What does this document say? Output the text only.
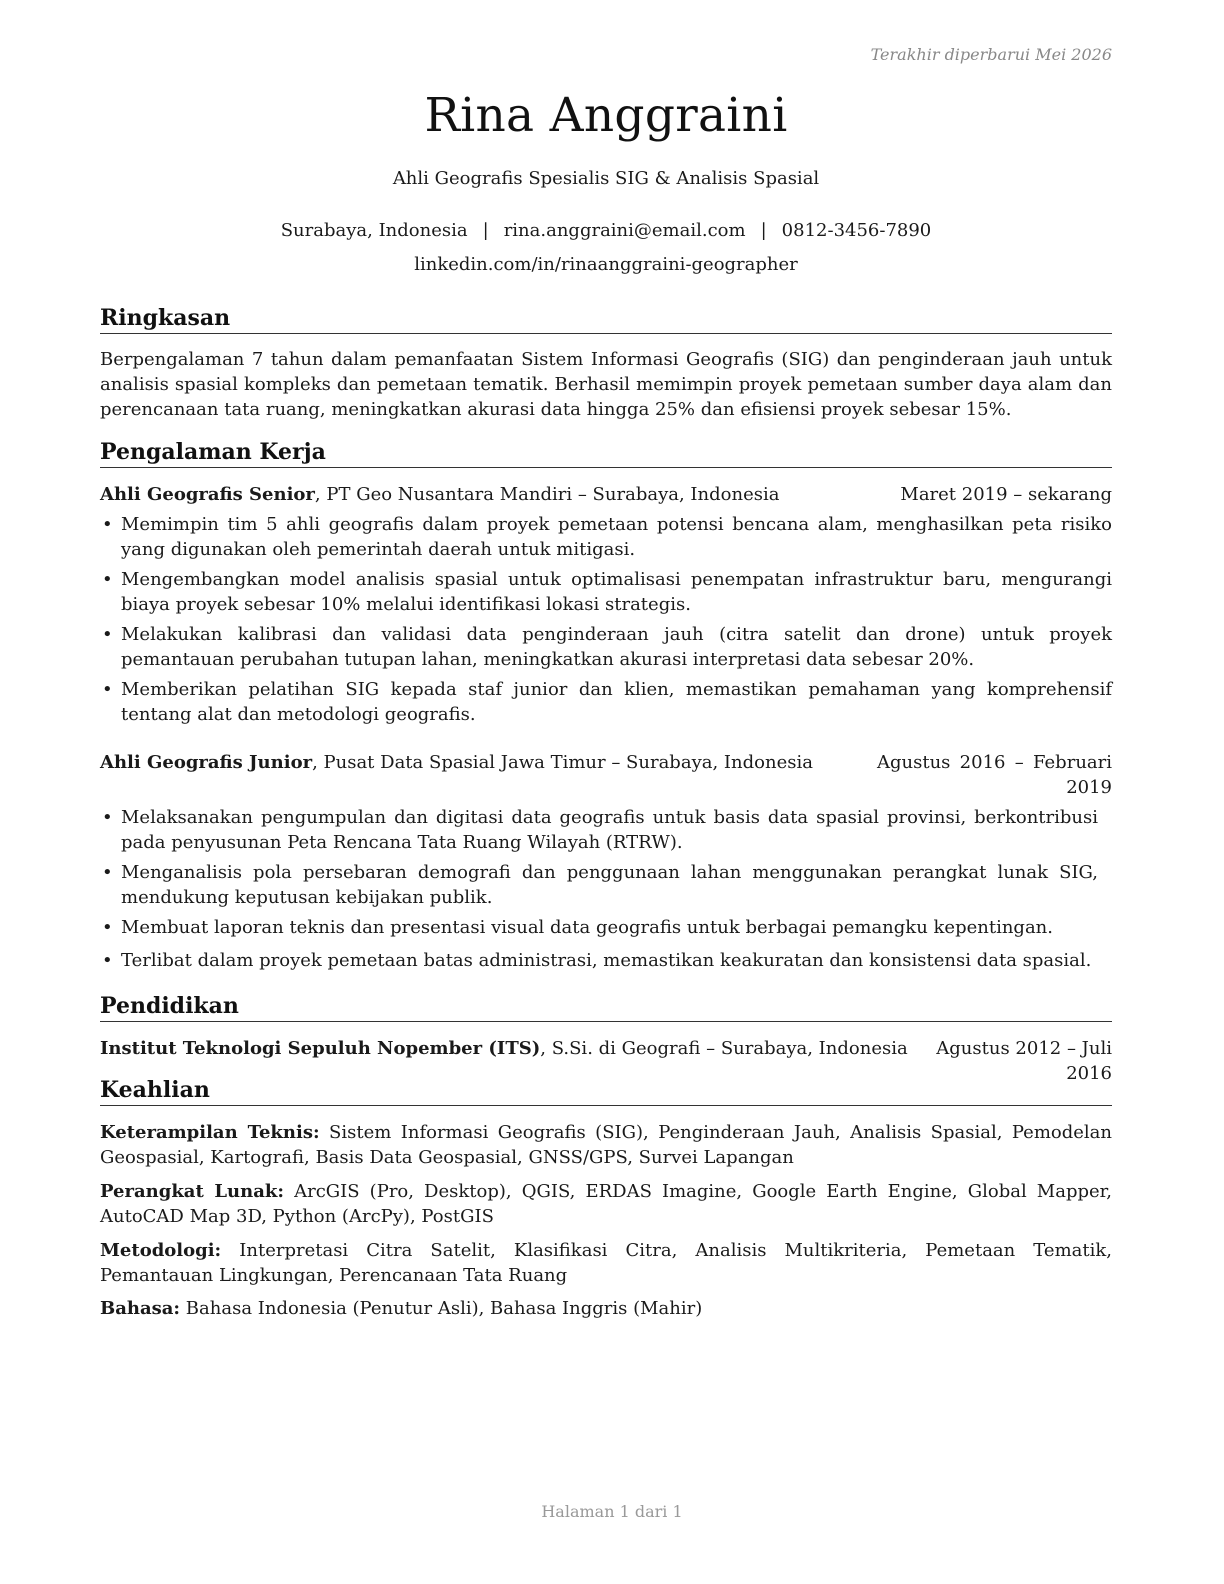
Terakhir diperbarui Mei 2026
Rina Anggraini
Ahli Geografis Spesialis SIG & Analisis Spasial
Surabaya, Indonesia | rina.anggraini@email.com | 0812-3456-7890
linkedin.com/in/rinaanggraini-geographer
Ringkasan
Berpengalaman 7 tahun dalam pemanfaatan Sistem Informasi Geografis (SIG) dan penginderaan jauh untuk analisis spasial kompleks dan pemetaan tematik. Berhasil memimpin proyek pemetaan sumber daya alam dan perencanaan tata ruang, meningkatkan akurasi data hingga 25% dan efisiensi proyek sebesar 15%.
Pengalaman Kerja
Ahli Geografis Senior, PT Geo Nusantara Mandiri – Surabaya, Indonesia	Maret 2019 – sekarang
• Memimpin tim 5 ahli geografis dalam proyek pemetaan potensi bencana alam, menghasilkan peta risiko yang digunakan oleh pemerintah daerah untuk mitigasi.
• Mengembangkan model analisis spasial untuk optimalisasi penempatan infrastruktur baru, mengurangi biaya proyek sebesar 10% melalui identifikasi lokasi strategis.
• Melakukan kalibrasi dan validasi data penginderaan jauh (citra satelit dan drone) untuk proyek pemantauan perubahan tutupan lahan, meningkatkan akurasi interpretasi data sebesar 20%.
• Memberikan pelatihan SIG kepada staf junior dan klien, memastikan pemahaman yang komprehensif tentang alat dan metodologi geografis.
Ahli Geografis Junior, Pusat Data Spasial Jawa Timur – Surabaya, Indonesia	Agustus 2016 – Februari 2019
• Melaksanakan pengumpulan dan digitasi data geografis untuk basis data spasial provinsi, berkontribusi pada penyusunan Peta Rencana Tata Ruang Wilayah (RTRW).
• Menganalisis pola persebaran demografi dan penggunaan lahan menggunakan perangkat lunak SIG, mendukung keputusan kebijakan publik.
• Membuat laporan teknis dan presentasi visual data geografis untuk berbagai pemangku kepentingan.
• Terlibat dalam proyek pemetaan batas administrasi, memastikan keakuratan dan konsistensi data spasial.
Pendidikan
Institut Teknologi Sepuluh Nopember (ITS), S.Si. di Geografi – Surabaya, Indonesia	Agustus 2012 – Juli 2016
Keahlian
Keterampilan Teknis: Sistem Informasi Geografis (SIG), Penginderaan Jauh, Analisis Spasial, Pemodelan Geospasial, Kartografi, Basis Data Geospasial, GNSS/GPS, Survei Lapangan
Perangkat Lunak: ArcGIS (Pro, Desktop), QGIS, ERDAS Imagine, Google Earth Engine, Global Mapper, AutoCAD Map 3D, Python (ArcPy), PostGIS
Metodologi: Interpretasi Citra Satelit, Klasifikasi Citra, Analisis Multikriteria, Pemetaan Tematik, Pemantauan Lingkungan, Perencanaan Tata Ruang
Bahasa: Bahasa Indonesia (Penutur Asli), Bahasa Inggris (Mahir)
Halaman 1 dari 1
